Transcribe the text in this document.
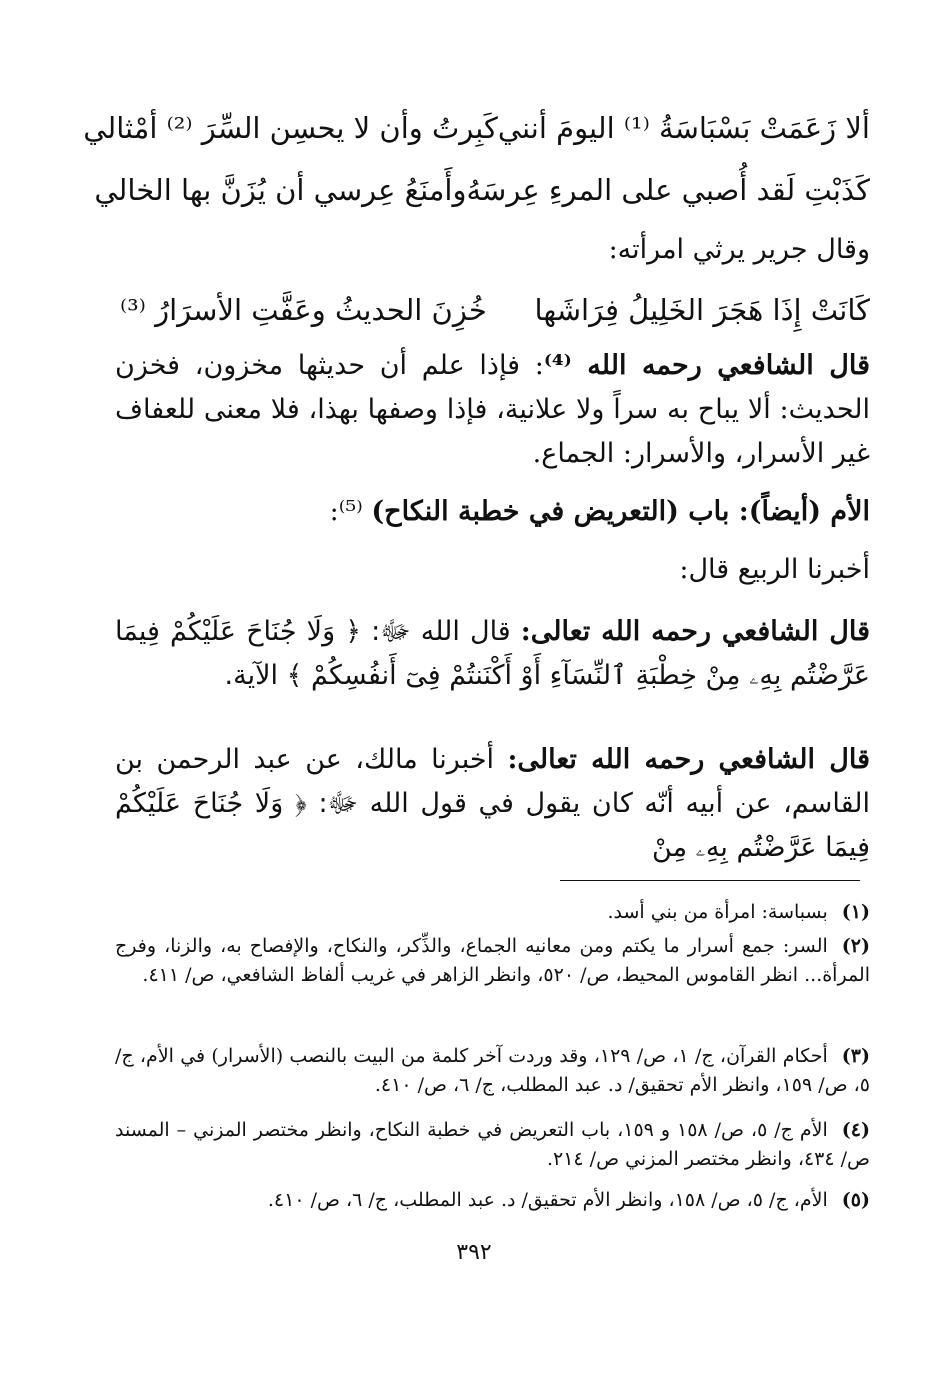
ألا زَعَمَتْ بَسْبَاسَةُ ⁽¹⁾ اليومَ أنني
كَبِرتُ وأن لا يحسِن السِّرَ ⁽²⁾ أمْثالي
كَذَبْتِ لَقد أُصبي على المرءِ عِرسَهُ
وأَمنَعُ عِرسي أن يُزَنَّ بها الخالي
وقال جرير يرثي امرأته:
كَانَتْ إِذَا هَجَرَ الخَلِيلُ فِرَاشَها
خُزِنَ الحديثُ وعَفَّتِ الأسرَارُ ⁽³⁾
قال الشافعي رحمه الله ⁽⁴⁾: فإذا علم أن حديثها مخزون، فخزن الحديث: ألا يباح به سراً ولا علانية، فإذا وصفها بهذا، فلا معنى للعفاف غير الأسرار، والأسرار: الجماع.
الأم (أيضاً): باب (التعريض في خطبة النكاح) ⁽⁵⁾:
أخبرنا الربيع قال:
قال الشافعي رحمه الله تعالى: قال الله ﷻ: ﴿ وَلَا جُنَاحَ عَلَيْكُمْ فِيمَا عَرَّضْتُم بِهِۦ مِنْ خِطْبَةِ ٱلنِّسَآءِ أَوْ أَكْنَنتُمْ فِىٓ أَنفُسِكُمْ ﴾ الآية.
قال الشافعي رحمه الله تعالى: أخبرنا مالك، عن عبد الرحمن بن القاسم، عن أبيه أنّه كان يقول في قول الله ﷻ: ﴿ وَلَا جُنَاحَ عَلَيْكُمْ فِيمَا عَرَّضْتُم بِهِۦ مِنْ
(١)بسباسة: امرأة من بني أسد.
(٢)السر: جمع أسرار ما يكتم ومن معانيه الجماع، والذِّكر، والنكاح، والإفصاح به، والزنا، وفرج المرأة... انظر القاموس المحيط، ص/ ٥٢٠، وانظر الزاهر في غريب ألفاظ الشافعي، ص/ ٤١١.
(٣)أحكام القرآن، ج/ ١، ص/ ١٢٩، وقد وردت آخر كلمة من البيت بالنصب (الأسرار) في الأم، ج/ ٥، ص/ ١٥٩، وانظر الأم تحقيق/ د. عبد المطلب، ج/ ٦، ص/ ٤١٠.
(٤)الأم ج/ ٥، ص/ ١٥٨ و ١٥٩، باب التعريض في خطبة النكاح، وانظر مختصر المزني – المسند ص/ ٤٣٤، وانظر مختصر المزني ص/ ٢١٤.
(٥)الأم، ج/ ٥، ص/ ١٥٨، وانظر الأم تحقيق/ د. عبد المطلب، ج/ ٦، ص/ ٤١٠.
٣٩٢
